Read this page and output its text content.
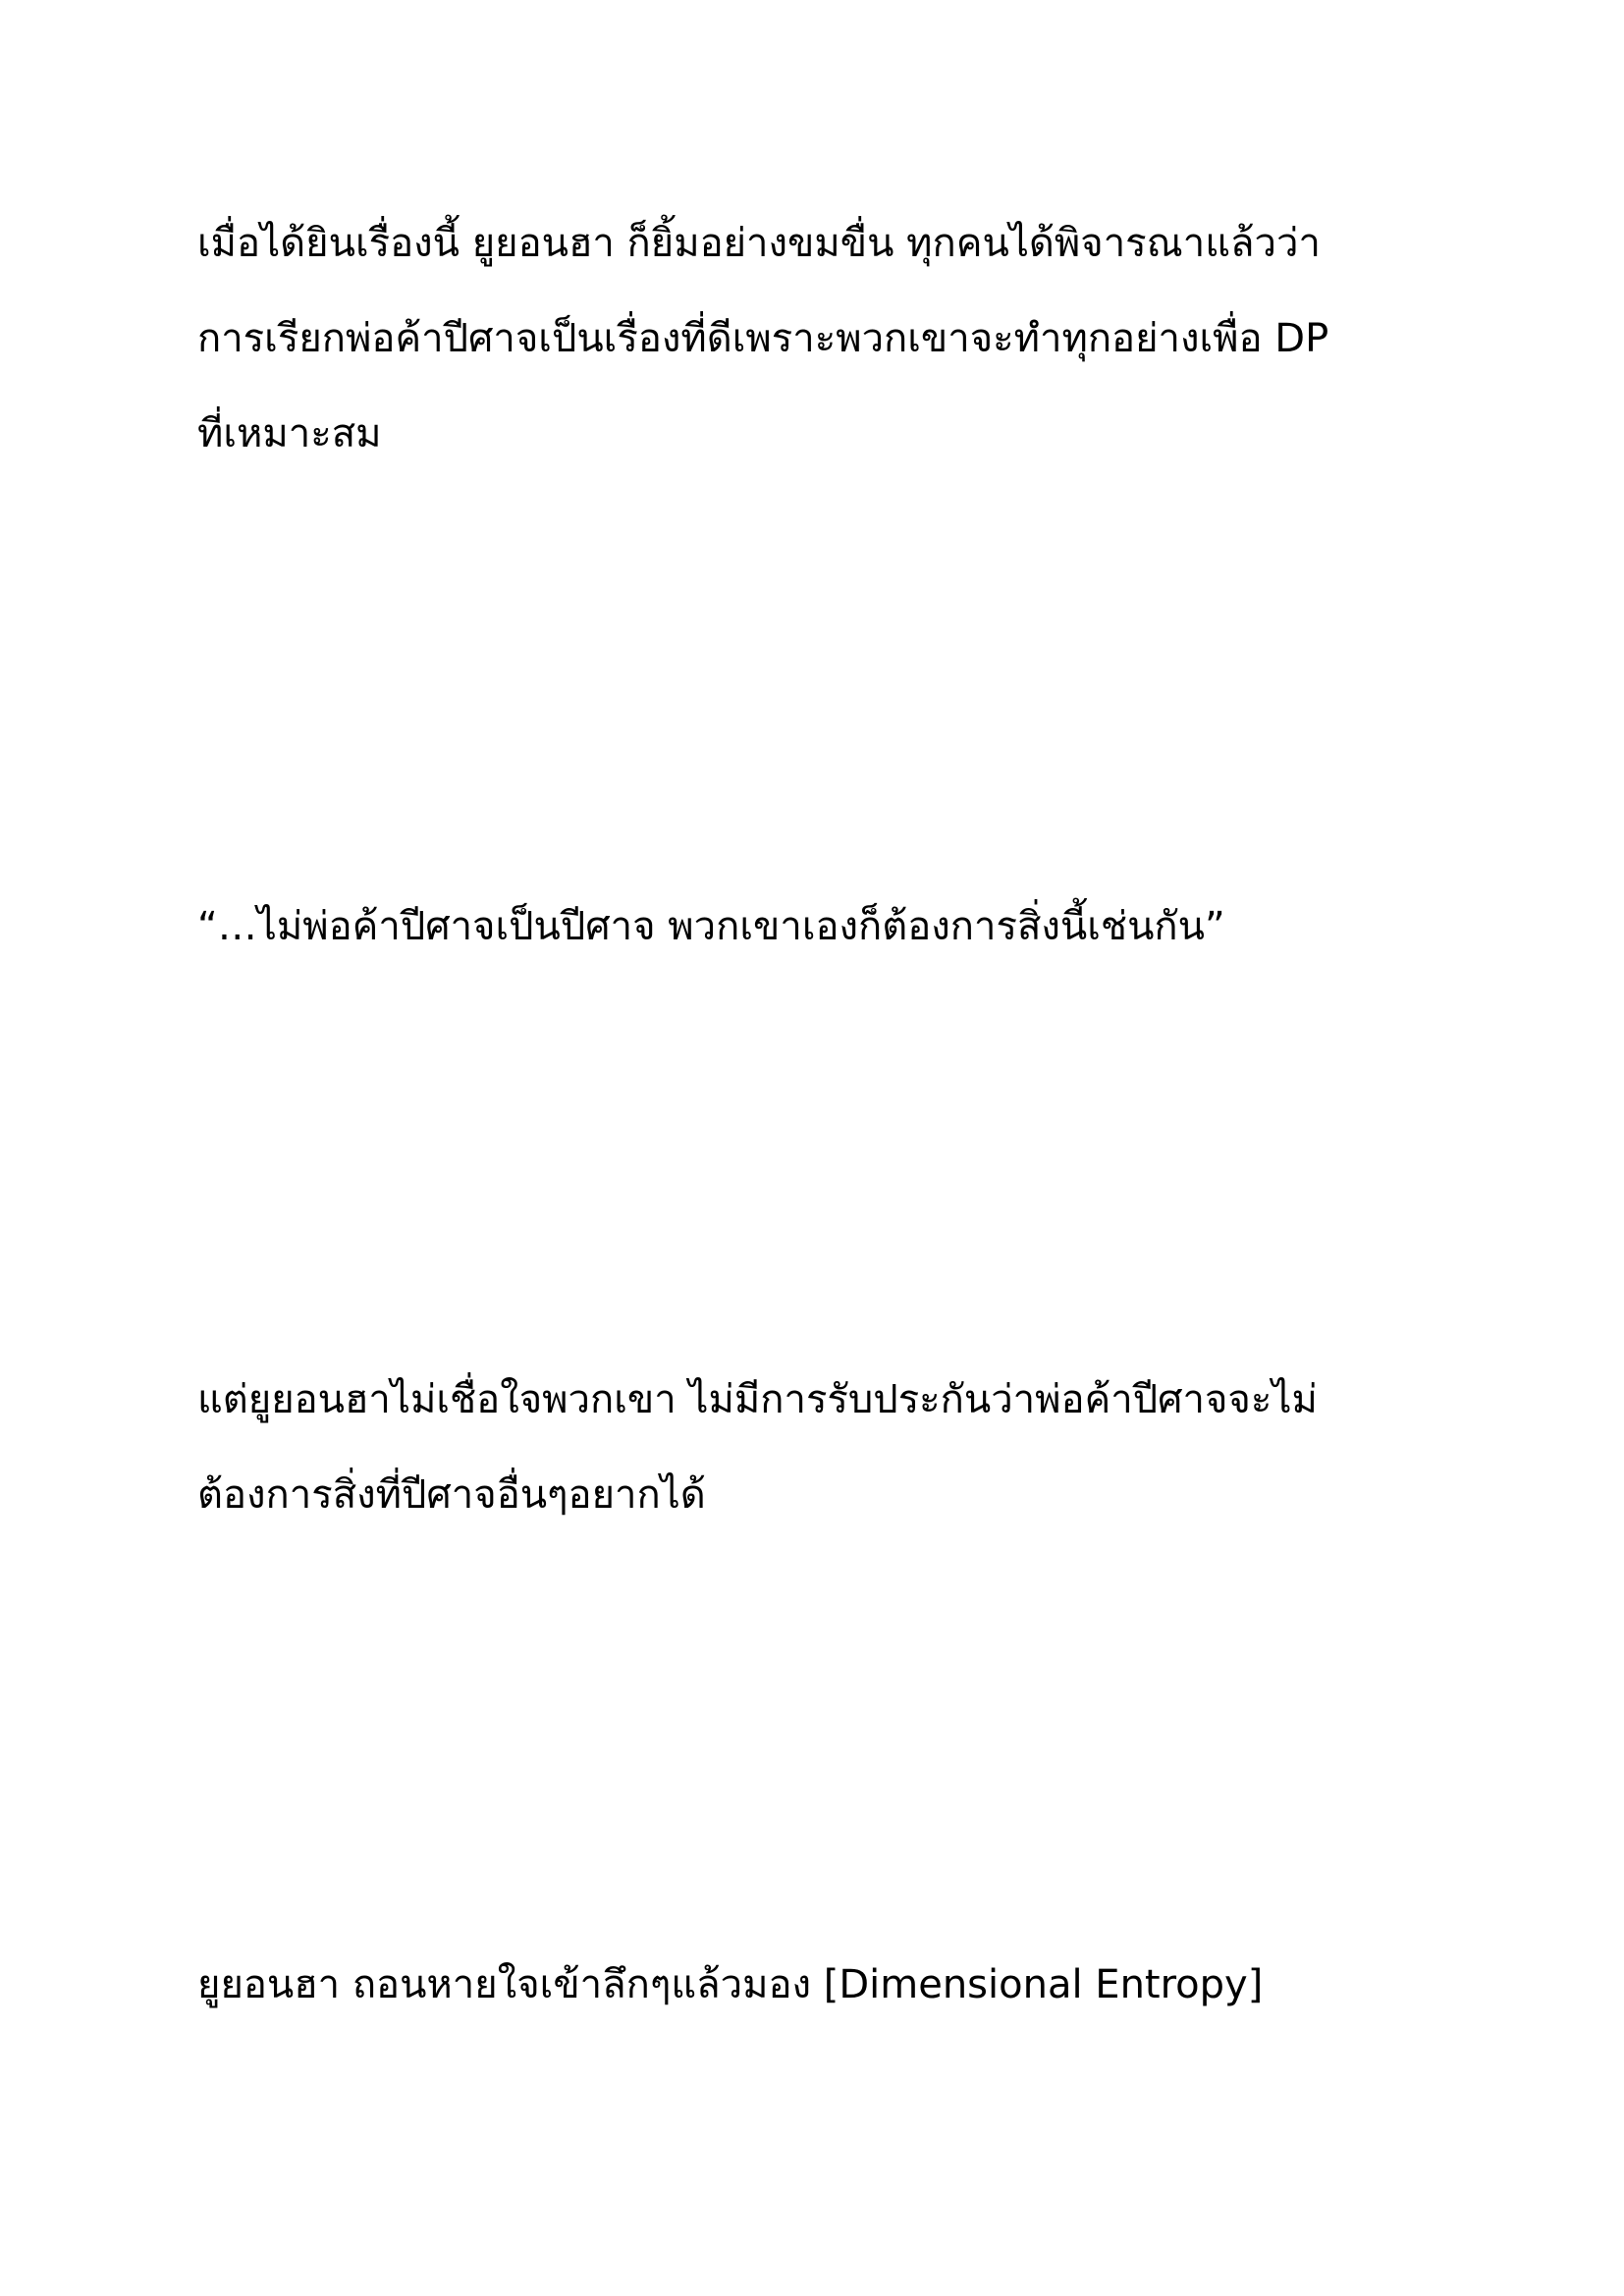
เมื่อได้ยินเรื่องนี้ ยูยอนฮา ก็ยิ้มอย่างขมขื่น ทุกคนได้พิจารณาแล้วว่า
การเรียกพ่อค้าปีศาจเป็นเรื่องที่ดีเพราะพวกเขาจะทำทุกอย่างเพื่อ DP
ที่เหมาะสม

“…ไม่พ่อค้าปีศาจเป็นปีศาจ พวกเขาเองก็ต้องการสิ่งนี้เช่นกัน”

แต่ยูยอนฮาไม่เชื่อใจพวกเขา ไม่มีการรับประกันว่าพ่อค้าปีศาจจะไม่
ต้องการสิ่งที่ปีศาจอื่นๆอยากได้

ยูยอนฮา ถอนหายใจเข้าลึกๆแล้วมอง [Dimensional Entropy]
